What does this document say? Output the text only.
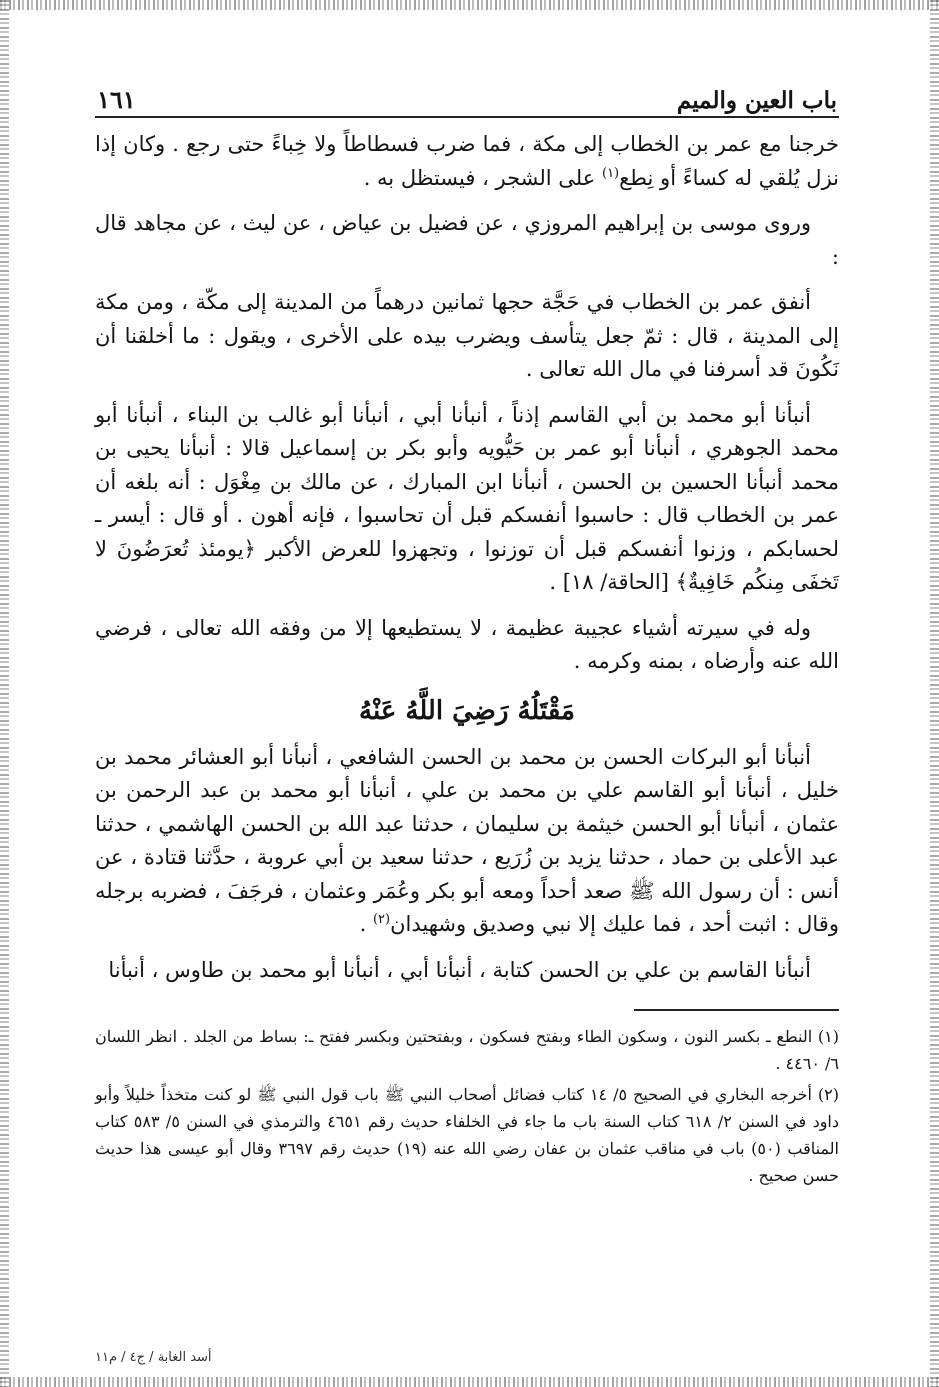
باب العين والميم
١٦١

خرجنا مع عمر بن الخطاب إلى مكة ، فما ضرب فسطاطاً ولا خِباءً حتى رجع . وكان إذا نزل يُلقي له كساءً أو نِطع$^{(١)}$ على الشجر ، فيستظل به .

وروى موسى بن إبراهيم المروزي ، عن فضيل بن عياض ، عن ليث ، عن مجاهد قال :

أنفق عمر بن الخطاب في حَجَّة حجها ثمانين درهماً من المدينة إلى مكّة ، ومن مكة إلى المدينة ، قال : ثمّ جعل يتأسف ويضرب بيده على الأخرى ، ويقول : ما أخلقنا أن نَكُونَ قد أسرفنا في مال الله تعالى .

أنبأنا أبو محمد بن أبي القاسم إذناً ، أنبأنا أبي ، أنبأنا أبو غالب بن البناء ، أنبأنا أبو محمد الجوهري ، أنبأنا أبو عمر بن حَيُّويه وأبو بكر بن إسماعيل قالا : أنبأنا يحيى بن محمد أنبأنا الحسين بن الحسن ، أنبأنا ابن المبارك ، عن مالك بن مِغْوَل : أنه بلغه أن عمر بن الخطاب قال : حاسبوا أنفسكم قبل أن تحاسبوا ، فإنه أهون . أو قال : أيسر ـ لحسابكم ، وزنوا أنفسكم قبل أن توزنوا ، وتجهزوا للعرض الأكبر ﴿يومئذ تُعرَضُونَ لا تَخفَى مِنكُم خَافِيةٌ﴾ [الحاقة/ ١٨] .

وله في سيرته أشياء عجيبة عظيمة ، لا يستطيعها إلا من وفقه الله تعالى ، فرضي الله عنه وأرضاه ، بمنه وكرمه .

مَقْتَلُهُ رَضِيَ اللَّهُ عَنْهُ

أنبأنا أبو البركات الحسن بن محمد بن الحسن الشافعي ، أنبأنا أبو العشائر محمد بن خليل ، أنبأنا أبو القاسم علي بن محمد بن علي ، أنبأنا أبو محمد بن عبد الرحمن بن عثمان ، أنبأنا أبو الحسن خيثمة بن سليمان ، حدثنا عبد الله بن الحسن الهاشمي ، حدثنا عبد الأعلى بن حماد ، حدثنا يزيد بن زُرَيع ، حدثنا سعيد بن أبي عروبة ، حدَّثنا قتادة ، عن أنس : أن رسول الله ﷺ صعد أحداً ومعه أبو بكر وعُمَر وعثمان ، فرجَفَ ، فضربه برجله وقال : اثبت أحد ، فما عليك إلا نبي وصديق وشهيدان$^{(٢)}$ .

أنبأنا القاسم بن علي بن الحسن كتابة ، أنبأنا أبي ، أنبأنا أبو محمد بن طاوس ، أنبأنا

(١) النطع ـ بكسر النون ، وسكون الطاء وبفتح فسكون ، وبفتحتين وبكسر ففتح ـ: بساط من الجلد . انظر اللسان ٦/ ٤٤٦٠ .

(٢) أخرجه البخاري في الصحيح ٥/ ١٤ كتاب فضائل أصحاب النبي ﷺ باب قول النبي ﷺ لو كنت متخذاً خليلاً وأبو داود في السنن ٢/ ٦١٨ كتاب السنة باب ما جاء في الخلفاء حديث رقم ٤٦٥١ والترمذي في السنن ٥/ ٥٨٣ كتاب المناقب (٥٠) باب في مناقب عثمان بن عفان رضي الله عنه (١٩) حديث رقم ٣٦٩٧ وقال أبو عيسى هذا حديث حسن صحيح .

أسد الغابة / ج٤ / م١١
